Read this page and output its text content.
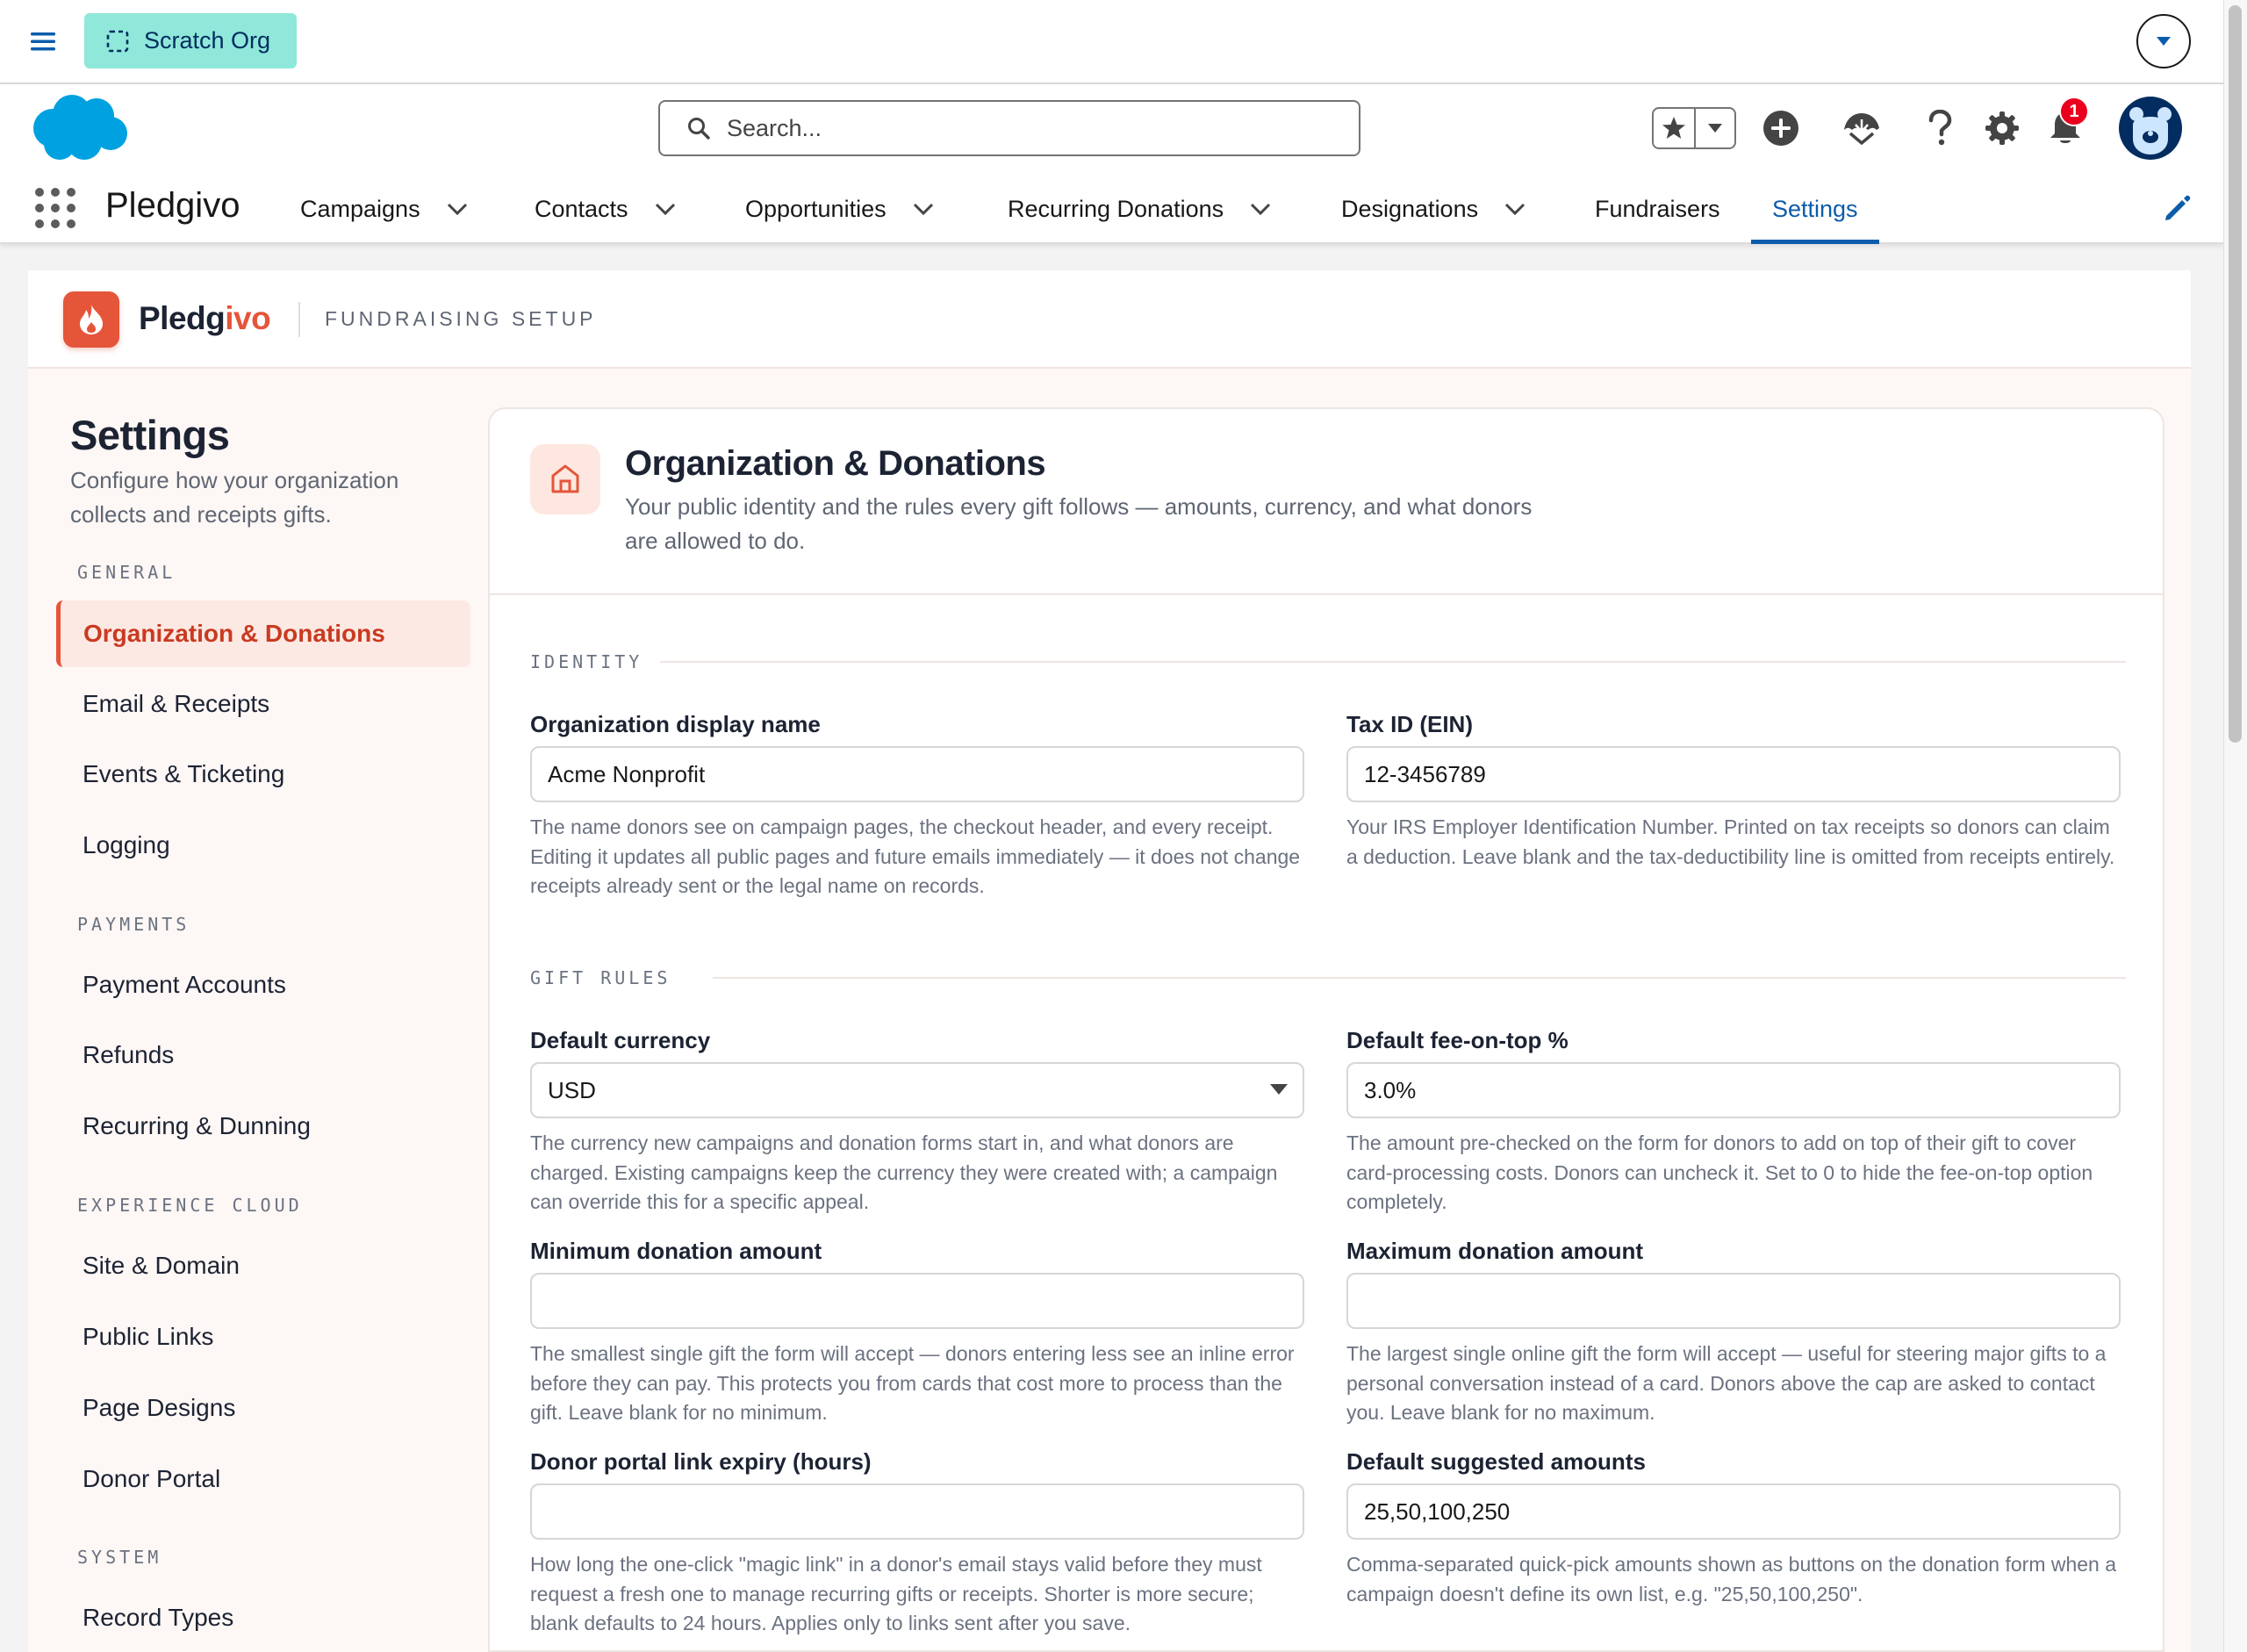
Scratch Org
Search...
1
Pledgivo	Campaigns	Contacts	Opportunities	Recurring Donations	Designations	Fundraisers Settings
Pledgivo	FUNDRAISING SETUP
Settings
Configure how your organization collects and receipts gifts.
GENERAL
Organization & Donations
Email & Receipts
Events & Ticketing
Logging
PAYMENTS
Payment Accounts
Refunds
Recurring & Dunning
EXPERIENCE CLOUD
Site & Domain
Public Links
Page Designs
Donor Portal
SYSTEM
Record Types
Organization & Donations
Your public identity and the rules every gift follows — amounts, currency, and what donors are allowed to do.
IDENTITY
Organization display name
Acme Nonprofit
The name donors see on campaign pages, the checkout header, and every receipt. Editing it updates all public pages and future emails immediately — it does not change receipts already sent or the legal name on records.
Tax ID (EIN)
12-3456789
Your IRS Employer Identification Number. Printed on tax receipts so donors can claim a deduction. Leave blank and the tax-deductibility line is omitted from receipts entirely.
GIFT RULES
Default currency
USD
The currency new campaigns and donation forms start in, and what donors are charged. Existing campaigns keep the currency they were created with; a campaign can override this for a specific appeal.
Default fee-on-top %
3.0%
The amount pre-checked on the form for donors to add on top of their gift to cover card-processing costs. Donors can uncheck it. Set to 0 to hide the fee-on-top option completely.
Minimum donation amount
The smallest single gift the form will accept — donors entering less see an inline error before they can pay. This protects you from cards that cost more to process than the gift. Leave blank for no minimum.
Maximum donation amount
The largest single online gift the form will accept — useful for steering major gifts to a personal conversation instead of a card. Donors above the cap are asked to contact you. Leave blank for no maximum.
Donor portal link expiry (hours)
How long the one-click "magic link" in a donor's email stays valid before they must request a fresh one to manage recurring gifts or receipts. Shorter is more secure; blank defaults to 24 hours. Applies only to links sent after you save.
Default suggested amounts
25,50,100,250
Comma-separated quick-pick amounts shown as buttons on the donation form when a campaign doesn't define its own list, e.g. "25,50,100,250".
